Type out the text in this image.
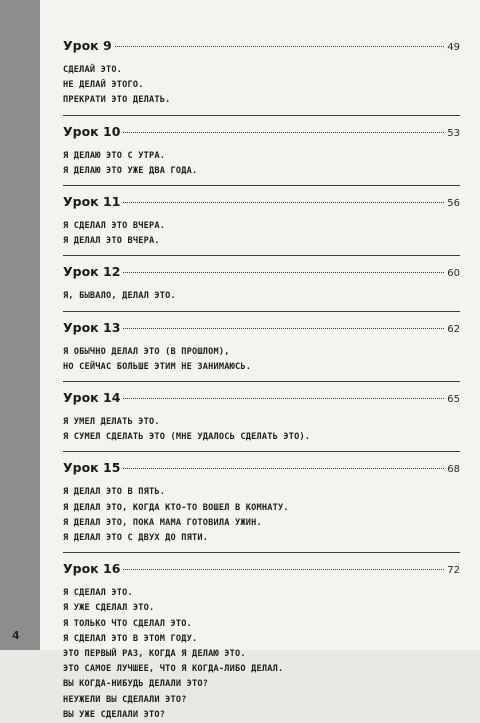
4
Урок 9	49
СДЕЛАЙ ЭТО.
НЕ ДЕЛАЙ ЭТОГО.
ПРЕКРАТИ ЭТО ДЕЛАТЬ.
Урок 10	53
Я ДЕЛАЮ ЭТО С УТРА.
Я ДЕЛАЮ ЭТО УЖЕ ДВА ГОДА.
Урок 11	56
Я СДЕЛАЛ ЭТО ВЧЕРА.
Я ДЕЛАЛ ЭТО ВЧЕРА.
Урок 12	60
Я, БЫВАЛО, ДЕЛАЛ ЭТО.
Урок 13	62
Я ОБЫЧНО ДЕЛАЛ ЭТО (В ПРОШЛОМ),
НО СЕЙЧАС БОЛЬШЕ ЭТИМ НЕ ЗАНИМАЮСЬ.
Урок 14	65
Я УМЕЛ ДЕЛАТЬ ЭТО.
Я СУМЕЛ СДЕЛАТЬ ЭТО (МНЕ УДАЛОСЬ СДЕЛАТЬ ЭТО).
Урок 15	68
Я ДЕЛАЛ ЭТО В ПЯТЬ.
Я ДЕЛАЛ ЭТО, КОГДА КТО-ТО ВОШЕЛ В КОМНАТУ.
Я ДЕЛАЛ ЭТО, ПОКА МАМА ГОТОВИЛА УЖИН.
Я ДЕЛАЛ ЭТО С ДВУХ ДО ПЯТИ.
Урок 16	72
Я СДЕЛАЛ ЭТО.
Я УЖЕ СДЕЛАЛ ЭТО.
Я ТОЛЬКО ЧТО СДЕЛАЛ ЭТО.
Я СДЕЛАЛ ЭТО В ЭТОМ ГОДУ.
ЭТО ПЕРВЫЙ РАЗ, КОГДА Я ДЕЛАЮ ЭТО.
ЭТО САМОЕ ЛУЧШЕЕ, ЧТО Я КОГДА-ЛИБО ДЕЛАЛ.
ВЫ КОГДА-НИБУДЬ ДЕЛАЛИ ЭТО?
НЕУЖЕЛИ ВЫ СДЕЛАЛИ ЭТО?
ВЫ УЖЕ СДЕЛАЛИ ЭТО?
